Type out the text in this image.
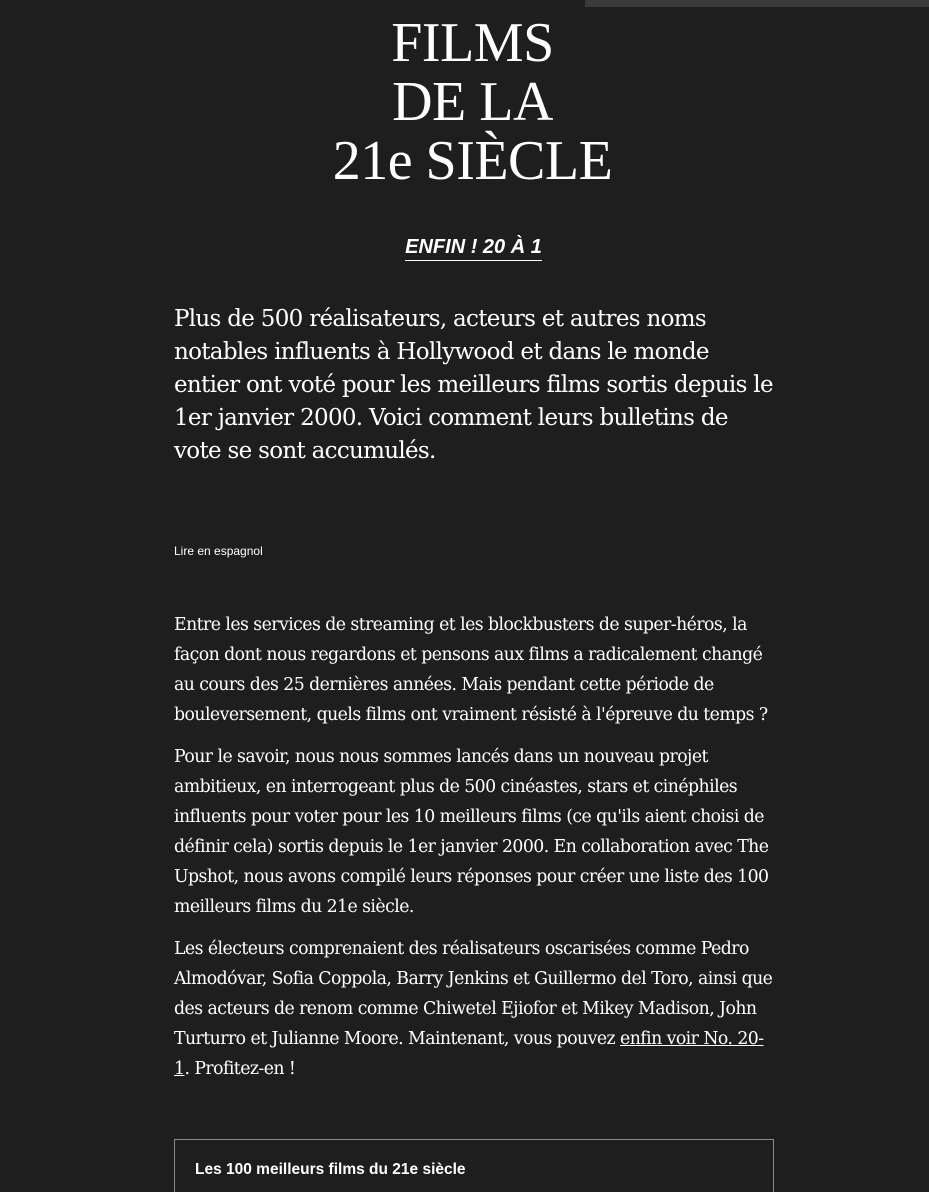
FILMS
DE LA
21e SIÈCLE
ENFIN ! 20 À 1

Plus de 500 réalisateurs, acteurs et autres noms notables influents à Hollywood et dans le monde entier ont voté pour les meilleurs films sortis depuis le 1er janvier 2000. Voici comment leurs bulletins de vote se sont accumulés.

Lire en espagnol

Entre les services de streaming et les blockbusters de super-héros, la façon dont nous regardons et pensons aux films a radicalement changé au cours des 25 dernières années. Mais pendant cette période de bouleversement, quels films ont vraiment résisté à l'épreuve du temps ?

Pour le savoir, nous nous sommes lancés dans un nouveau projet ambitieux, en interrogeant plus de 500 cinéastes, stars et cinéphiles influents pour voter pour les 10 meilleurs films (ce qu'ils aient choisi de définir cela) sortis depuis le 1er janvier 2000. En collaboration avec The Upshot, nous avons compilé leurs réponses pour créer une liste des 100 meilleurs films du 21e siècle.

Les électeurs comprenaient des réalisateurs oscarisées comme Pedro Almodóvar, Sofia Coppola, Barry Jenkins et Guillermo del Toro, ainsi que des acteurs de renom comme Chiwetel Ejiofor et Mikey Madison, John Turturro et Julianne Moore. Maintenant, vous pouvez enfin voir No. 20-1. Profitez-en !

Les 100 meilleurs films du 21e siècle
